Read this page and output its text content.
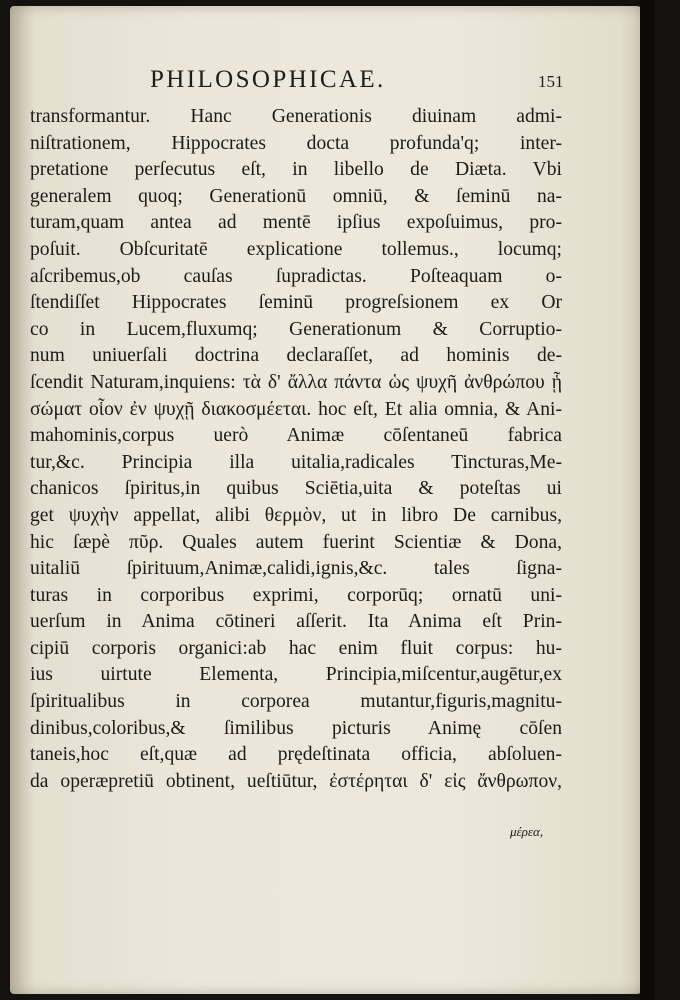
PHILOSOPHICAE.	151
transformantur. Hanc Generationis diuinam admi-
niſtrationem, Hippocrates docta profunda'q; inter-
pretatione perſecutus eſt, in libello de Diæta. Vbi
generalem quoq; Generationū omniū, & ſeminū na-
turam,quam antea ad mentē ipſius expoſuimus, pro-
poſuit. Obſcuritatē explicatione tollemus., locumq;
aſcribemus,ob cauſas ſupradictas. Poſteaquam o-
ſtendiſſet Hippocrates ſeminū progreſsionem ex Or
co in Lucem,fluxumq; Generationum & Corruptio-
num uniuerſali doctrina declaraſſet, ad hominis de-
ſcendit Naturam,inquiens: τὰ δ' ἄλλα πάντα ὡς ψυχῆ ἀνθρώπου ᾗ
σώματ οἷον ἐν ψυχῇ διακοσμέεται. hoc eſt, Et alia omnia, & Ani-
mahominis,corpus uerò Animæ cōſentaneū fabrica
tur,&c. Principia illa uitalia,radicales Tincturas,Me-
chanicos ſpiritus,in quibus Sciētia,uita & poteſtas ui
get ψυχὴν appellat, alibi θερμὸν, ut in libro De carnibus,
hic ſæpè πῦρ. Quales autem fuerint Scientiæ & Dona,
uitaliū ſpirituum,Animæ,calidi,ignis,&c. tales ſigna-
turas in corporibus exprimi, corporūq; ornatū uni-
uerſum in Anima cōtineri aſſerit. Ita Anima eſt Prin-
cipiū corporis organici:ab hac enim fluit corpus: hu-
ius uirtute Elementa, Principia,miſcentur,augētur,ex
ſpiritualibus in corporea mutantur,figuris,magnitu-
dinibus,coloribus,& ſimilibus picturis Animę cōſen
taneis,hoc eſt,quæ ad prędeſtinata officia, abſoluen-
da operæpretiū obtinent, ueſtiūtur, ἐστέρηται δ' εἰς ἄνθρωπον,
μέρεα,
